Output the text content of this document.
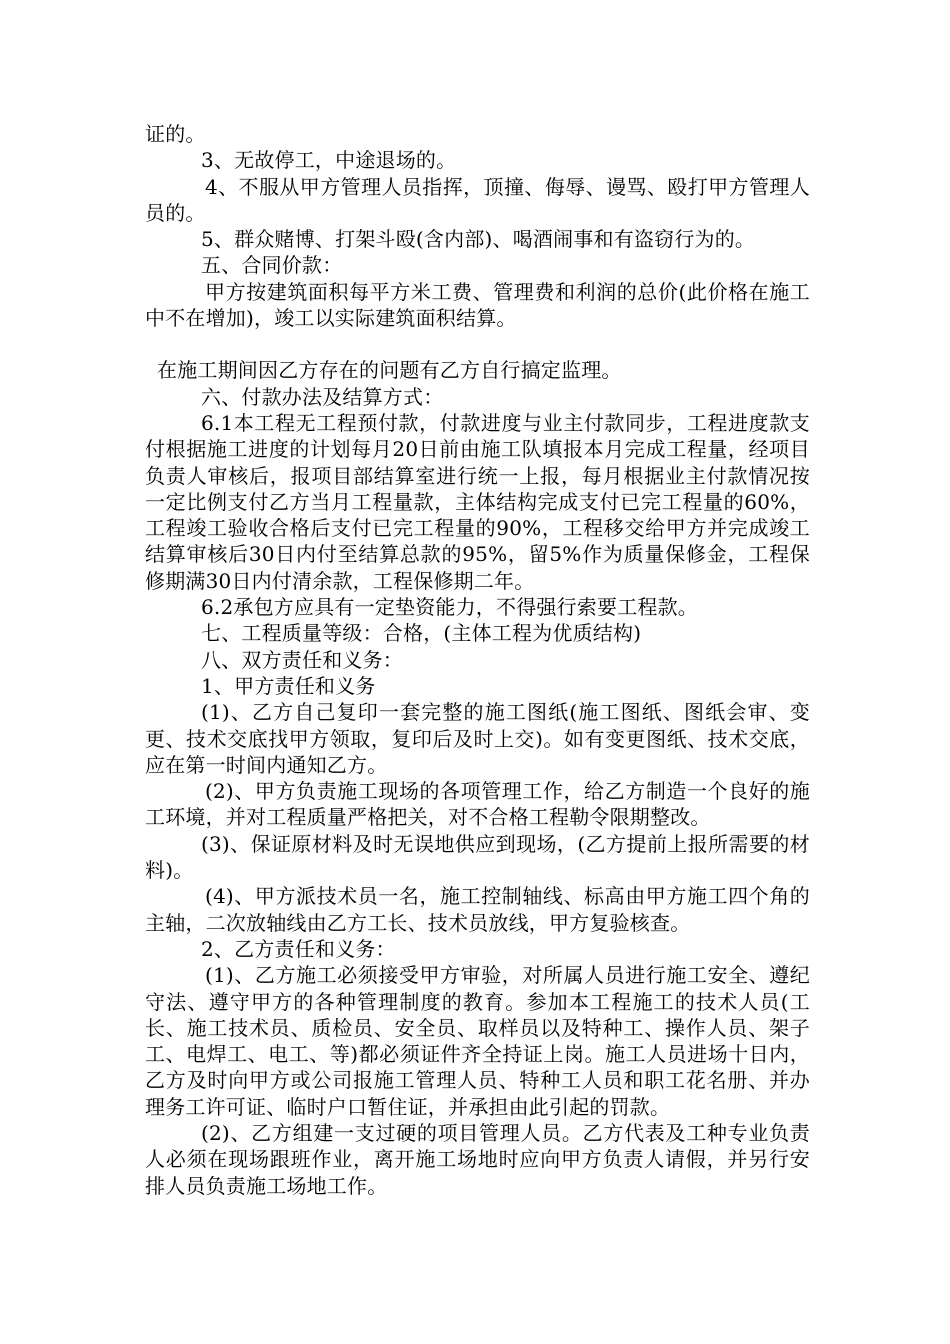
证的。

3、无故停工，中途退场的。

4、不服从甲方管理人员指挥，顶撞、侮辱、谩骂、殴打甲方管理人员的。

5、群众赌博、打架斗殴(含内部)、喝酒闹事和有盗窃行为的。

五、合同价款：

甲方按建筑面积每平方米工费、管理费和利润的总价(此价格在施工中不在增加)，竣工以实际建筑面积结算。

在施工期间因乙方存在的问题有乙方自行搞定监理。

六、付款办法及结算方式：

6.1本工程无工程预付款，付款进度与业主付款同步，工程进度款支付根据施工进度的计划每月20日前由施工队填报本月完成工程量，经项目负责人审核后，报项目部结算室进行统一上报，每月根据业主付款情况按一定比例支付乙方当月工程量款，主体结构完成支付已完工程量的60%，工程竣工验收合格后支付已完工程量的90%，工程移交给甲方并完成竣工结算审核后30日内付至结算总款的95%，留5%作为质量保修金，工程保修期满30日内付清余款，工程保修期二年。

6.2承包方应具有一定垫资能力，不得强行索要工程款。

七、工程质量等级：合格，(主体工程为优质结构)

八、双方责任和义务：

1、甲方责任和义务

(1)、乙方自己复印一套完整的施工图纸(施工图纸、图纸会审、变更、技术交底找甲方领取，复印后及时上交)。如有变更图纸、技术交底，应在第一时间内通知乙方。

(2)、甲方负责施工现场的各项管理工作，给乙方制造一个良好的施工环境，并对工程质量严格把关，对不合格工程勒令限期整改。

(3)、保证原材料及时无误地供应到现场，(乙方提前上报所需要的材料)。

(4)、甲方派技术员一名，施工控制轴线、标高由甲方施工四个角的主轴，二次放轴线由乙方工长、技术员放线，甲方复验核查。

2、乙方责任和义务：

(1)、乙方施工必须接受甲方审验，对所属人员进行施工安全、遵纪守法、遵守甲方的各种管理制度的教育。参加本工程施工的技术人员(工长、施工技术员、质检员、安全员、取样员以及特种工、操作人员、架子工、电焊工、电工、等)都必须证件齐全持证上岗。施工人员进场十日内，乙方及时向甲方或公司报施工管理人员、特种工人员和职工花名册、并办理务工许可证、临时户口暂住证，并承担由此引起的罚款。

(2)、乙方组建一支过硬的项目管理人员。乙方代表及工种专业负责人必须在现场跟班作业，离开施工场地时应向甲方负责人请假，并另行安排人员负责施工场地工作。
